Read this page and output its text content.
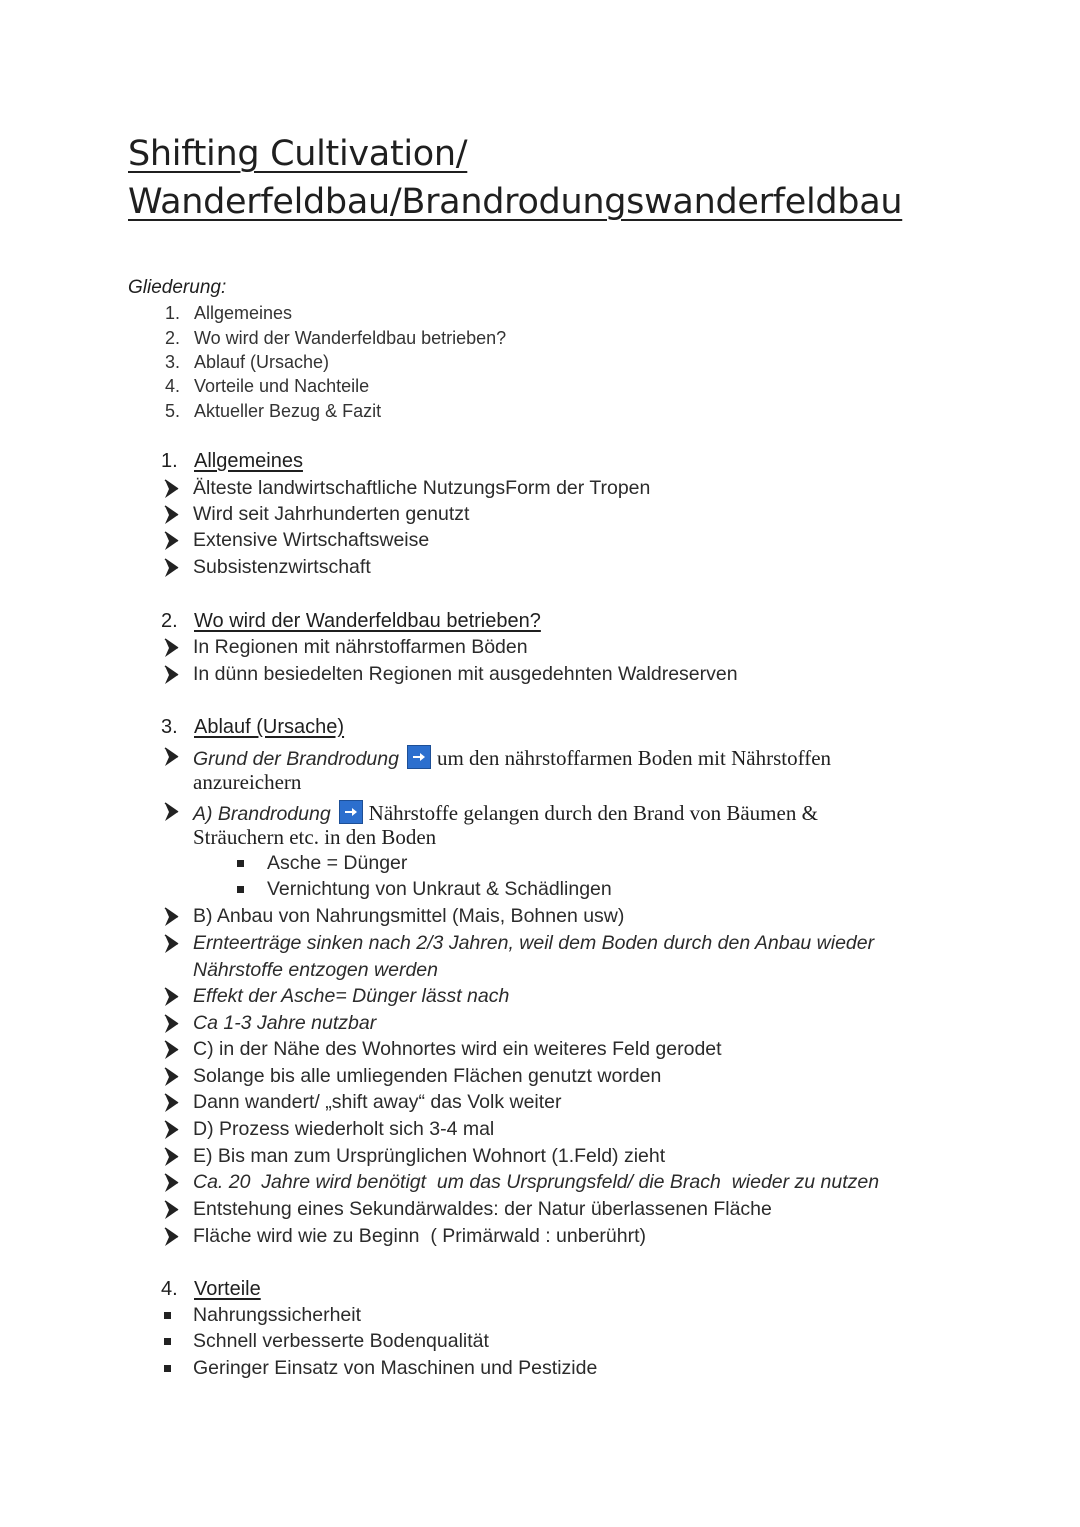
Shifting Cultivation/
Wanderfeldbau/Brandrodungswanderfeldbau
Gliederung:
1. Allgemeines
2. Wo wird der Wanderfeldbau betrieben?
3. Ablauf (Ursache)
4. Vorteile und Nachteile
5. Aktueller Bezug & Fazit
1. Allgemeines
Älteste landwirtschaftliche NutzungsForm der Tropen
Wird seit Jahrhunderten genutzt
Extensive Wirtschaftsweise
Subsistenzwirtschaft
2. Wo wird der Wanderfeldbau betrieben?
In Regionen mit nährstoffarmen Böden
In dünn besiedelten Regionen mit ausgedehnten Waldreserven
3. Ablauf (Ursache)
Grund der Brandrodung um den nährstoffarmen Boden mit Nährstoffen
anzureichern
A) Brandrodung Nährstoffe gelangen durch den Brand von Bäumen &
Sträuchern etc. in den Boden
Asche = Dünger
Vernichtung von Unkraut & Schädlingen
B) Anbau von Nahrungsmittel (Mais, Bohnen usw)
Ernteerträge sinken nach 2/3 Jahren, weil dem Boden durch den Anbau wieder
Nährstoffe entzogen werden
Effekt der Asche= Dünger lässt nach
Ca 1-3 Jahre nutzbar
C) in der Nähe des Wohnortes wird ein weiteres Feld gerodet
Solange bis alle umliegenden Flächen genutzt worden
Dann wandert/ „shift away“ das Volk weiter
D) Prozess wiederholt sich 3-4 mal
E) Bis man zum Ursprünglichen Wohnort (1.Feld) zieht
Ca. 20  Jahre wird benötigt  um das Ursprungsfeld/ die Brach  wieder zu nutzen
Entstehung eines Sekundärwaldes: der Natur überlassenen Fläche
Fläche wird wie zu Beginn  ( Primärwald : unberührt)
4. Vorteile
Nahrungssicherheit
Schnell verbesserte Bodenqualität
Geringer Einsatz von Maschinen und Pestizide
